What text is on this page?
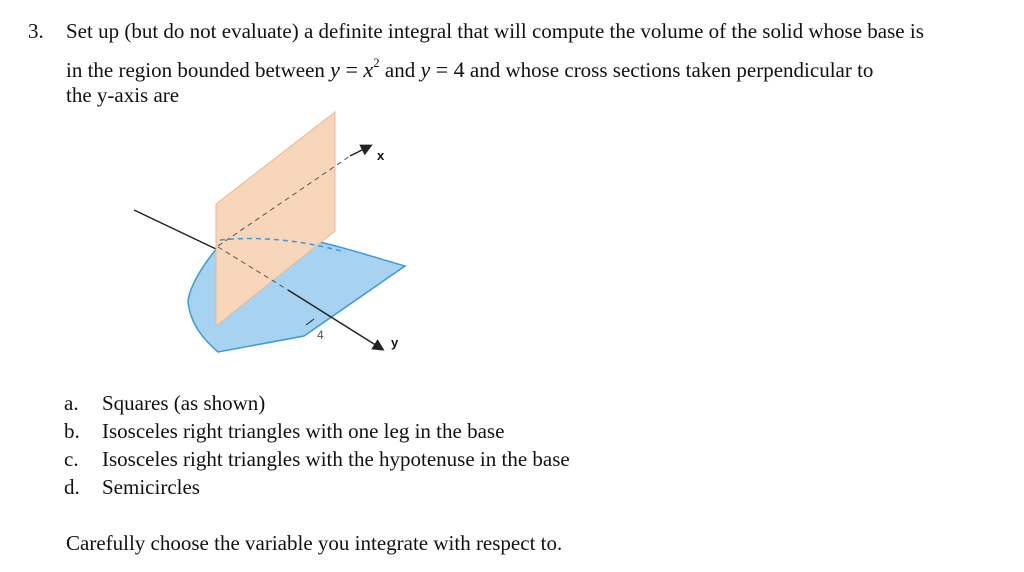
3. Set up (but do not evaluate) a definite integral that will compute the volume of the solid whose base is
in the region bounded between $y = x^2$ and y = 4 and whose cross sections taken perpendicular to
the y-axis are
x
y
4
a.	Squares (as shown)
b.	Isosceles right triangles with one leg in the base
c.	Isosceles right triangles with the hypotenuse in the base
d.	Semicircles
Carefully choose the variable you integrate with respect to.
